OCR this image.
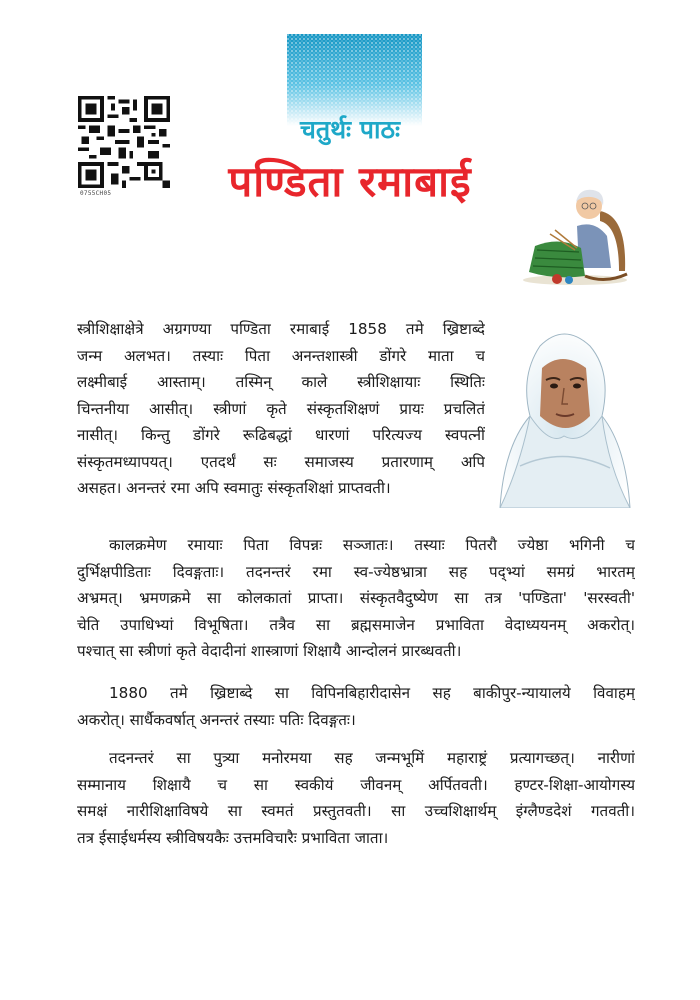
0755CH05
चतुर्थः पाठः
पण्डिता रमाबाई
स्त्रीशिक्षाक्षेत्रे अग्रगण्या पण्डिता रमाबाई 1858 तमे ख्रिष्टाब्दे
जन्म अलभत। तस्याः पिता अनन्तशास्त्री डोंगरे माता च
लक्ष्मीबाई आस्ताम्। तस्मिन् काले स्त्रीशिक्षायाः स्थितिः
चिन्तनीया आसीत्। स्त्रीणां कृते संस्कृतशिक्षणं प्रायः प्रचलितं
नासीत्। किन्तु डोंगरे रूढिबद्धां धारणां परित्यज्य स्वपत्नीं
संस्कृतमध्यापयत्। एतदर्थं सः समाजस्य प्रतारणाम् अपि
असहत। अनन्तरं रमा अपि स्वमातुः संस्कृतशिक्षां प्राप्तवती।
कालक्रमेण रमायाः पिता विपन्नः सञ्जातः। तस्याः पितरौ ज्येष्ठा भगिनी च
दुर्भिक्षपीडिताः दिवङ्गताः। तदनन्तरं रमा स्व-ज्येष्ठभ्रात्रा सह पद्भ्यां समग्रं भारतम्
अभ्रमत्। भ्रमणक्रमे सा कोलकातां प्राप्ता। संस्कृतवैदुष्येण सा तत्र 'पण्डिता' 'सरस्वती'
चेति उपाधिभ्यां विभूषिता। तत्रैव सा ब्रह्मसमाजेन प्रभाविता वेदाध्ययनम् अकरोत्।
पश्चात् सा स्त्रीणां कृते वेदादीनां शास्त्राणां शिक्षायै आन्दोलनं प्रारब्धवती।
1880 तमे ख्रिष्टाब्दे सा विपिनबिहारीदासेन सह बाकीपुर-न्यायालये विवाहम्
अकरोत्। सार्धैकवर्षात् अनन्तरं तस्याः पतिः दिवङ्गतः।
तदनन्तरं सा पुत्र्या मनोरमया सह जन्मभूमिं महाराष्ट्रं प्रत्यागच्छत्। नारीणां
सम्मानाय शिक्षायै च सा स्वकीयं जीवनम् अर्पितवती। हण्टर-शिक्षा-आयोगस्य
समक्षं नारीशिक्षाविषये सा स्वमतं प्रस्तुतवती। सा उच्चशिक्षार्थम् इंग्लैण्डदेशं गतवती।
तत्र ईसाईधर्मस्य स्त्रीविषयकैः उत्तमविचारैः प्रभाविता जाता।
